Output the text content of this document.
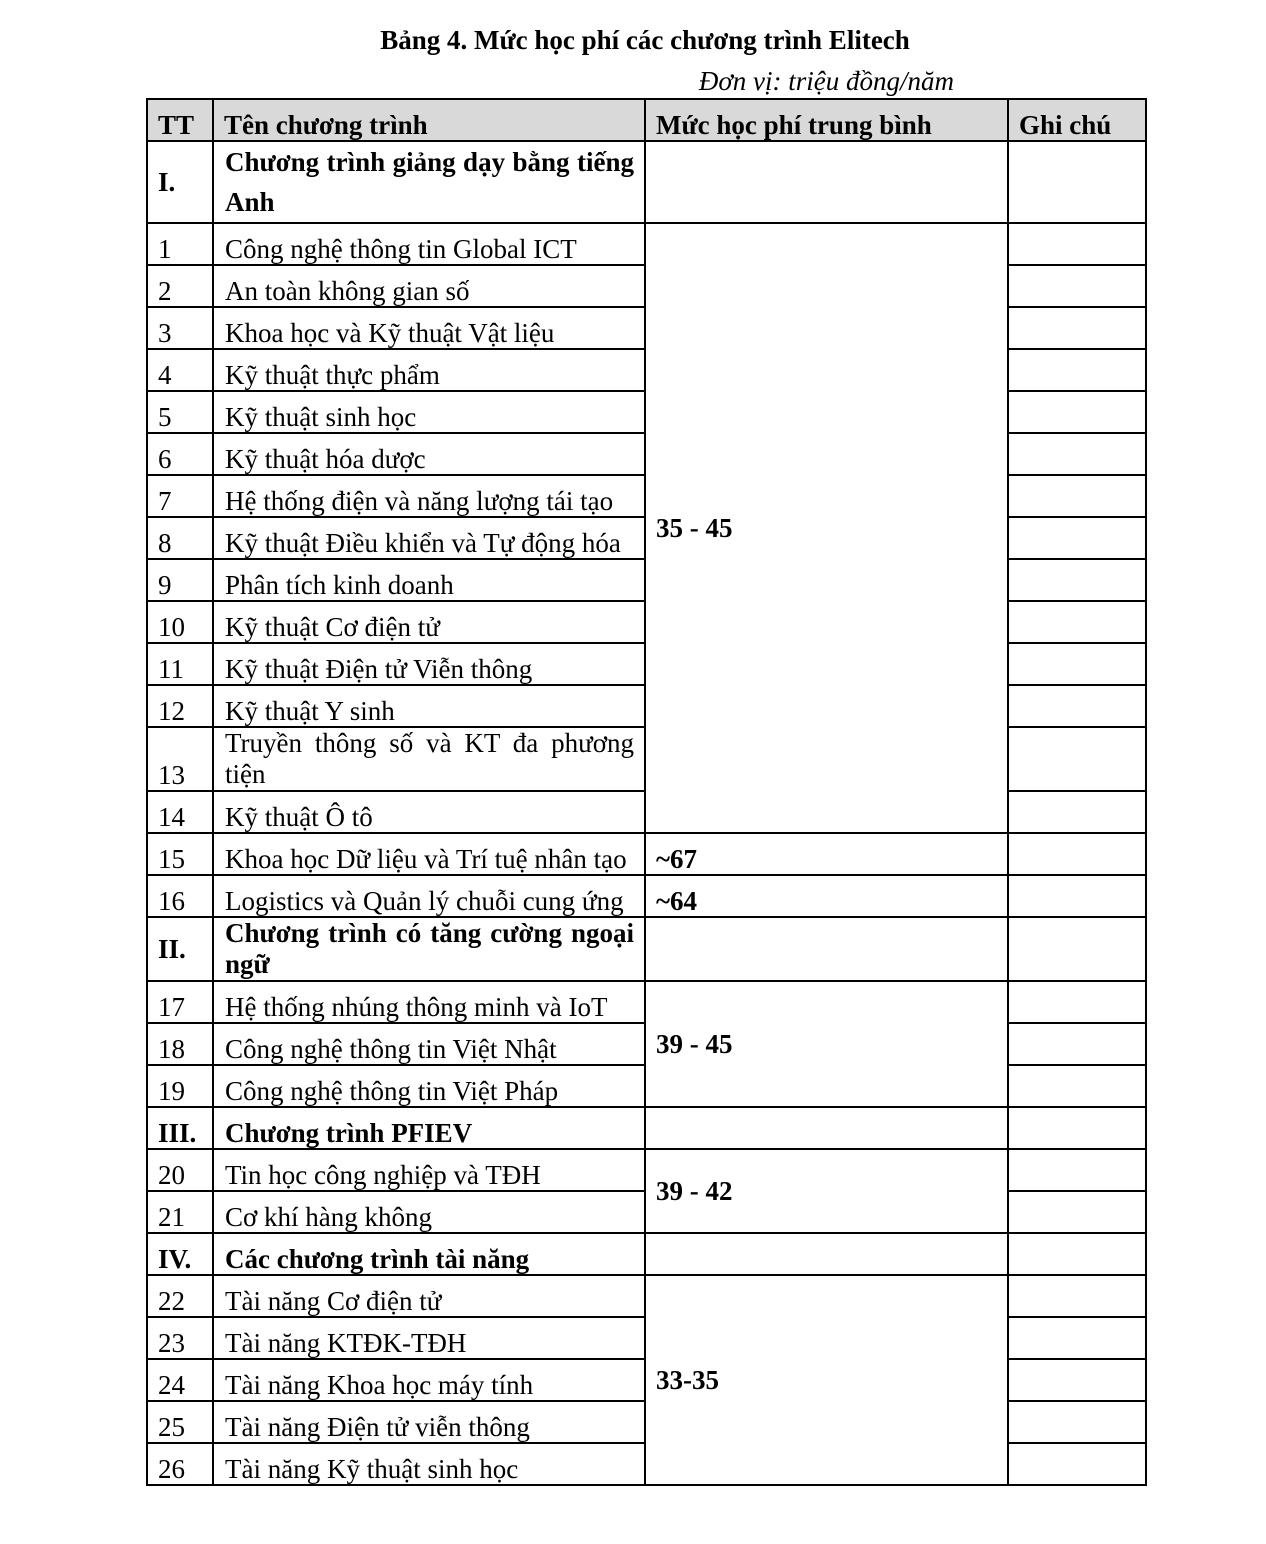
Bảng 4. Mức học phí các chương trình Elitech
Đơn vị: triệu đồng/năm
TT	Tên chương trình	Mức học phí trung bình	Ghi chú
I.	Chương trình giảng dạy bằng tiếng Anh		
1	Công nghệ thông tin Global ICT	35 - 45	
2	An toàn không gian số		
3	Khoa học và Kỹ thuật Vật liệu		
4	Kỹ thuật thực phẩm		
5	Kỹ thuật sinh học		
6	Kỹ thuật hóa dược		
7	Hệ thống điện và năng lượng tái tạo		
8	Kỹ thuật Điều khiển và Tự động hóa		
9	Phân tích kinh doanh		
10	Kỹ thuật Cơ điện tử		
11	Kỹ thuật Điện tử Viễn thông		
12	Kỹ thuật Y sinh		
13	Truyền thông số và KT đa phương tiện		
14	Kỹ thuật Ô tô		
15	Khoa học Dữ liệu và Trí tuệ nhân tạo	~67	
16	Logistics và Quản lý chuỗi cung ứng	~64	
II.	Chương trình có tăng cường ngoại ngữ		
17	Hệ thống nhúng thông minh và IoT	39 - 45	
18	Công nghệ thông tin Việt Nhật		
19	Công nghệ thông tin Việt Pháp		
III.	Chương trình PFIEV		
20	Tin học công nghiệp và TĐH	39 - 42	
21	Cơ khí hàng không		
IV.	Các chương trình tài năng		
22	Tài năng Cơ điện tử	33-35	
23	Tài năng KTĐK-TĐH		
24	Tài năng Khoa học máy tính		
25	Tài năng Điện tử viễn thông		
26	Tài năng Kỹ thuật sinh học		
